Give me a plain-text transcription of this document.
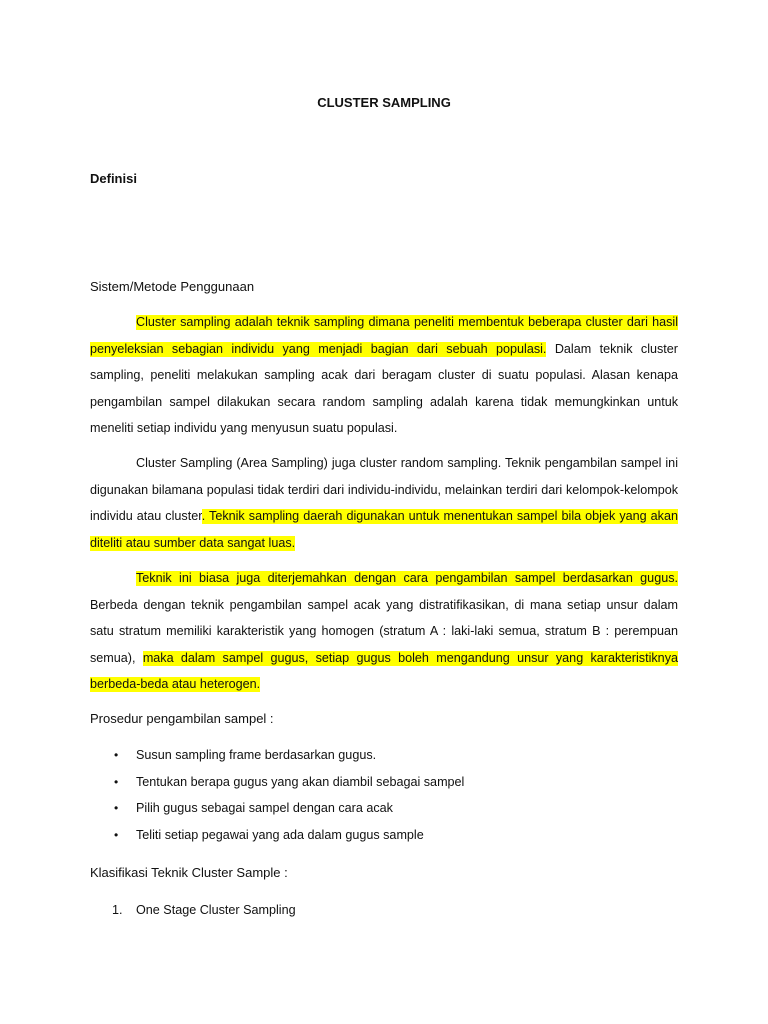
CLUSTER SAMPLING
Definisi
Sistem/Metode Penggunaan
Cluster sampling adalah teknik sampling dimana peneliti membentuk beberapa cluster dari hasil penyeleksian sebagian individu yang menjadi bagian dari sebuah populasi. Dalam teknik cluster sampling, peneliti melakukan sampling acak dari beragam cluster di suatu populasi. Alasan kenapa pengambilan sampel dilakukan secara random sampling adalah karena tidak memungkinkan untuk meneliti setiap individu yang menyusun suatu populasi.
Cluster Sampling (Area Sampling) juga cluster random sampling. Teknik pengambilan sampel ini digunakan bilamana populasi tidak terdiri dari individu-individu, melainkan terdiri dari kelompok-kelompok individu atau cluster. Teknik sampling daerah digunakan untuk menentukan sampel bila objek yang akan diteliti atau sumber data sangat luas.
Teknik ini biasa juga diterjemahkan dengan cara pengambilan sampel berdasarkan gugus. Berbeda dengan teknik pengambilan sampel acak yang distratifikasikan, di mana setiap unsur dalam satu stratum memiliki karakteristik yang homogen (stratum A : laki-laki semua, stratum B : perempuan semua), maka dalam sampel gugus, setiap gugus boleh mengandung unsur yang karakteristiknya berbeda-beda atau heterogen.
Prosedur pengambilan sampel :
• Susun sampling frame berdasarkan gugus.
• Tentukan berapa gugus yang akan diambil sebagai sampel
• Pilih gugus sebagai sampel dengan cara acak
• Teliti setiap pegawai yang ada dalam gugus sample
Klasifikasi Teknik Cluster Sample :
1. One Stage Cluster Sampling
